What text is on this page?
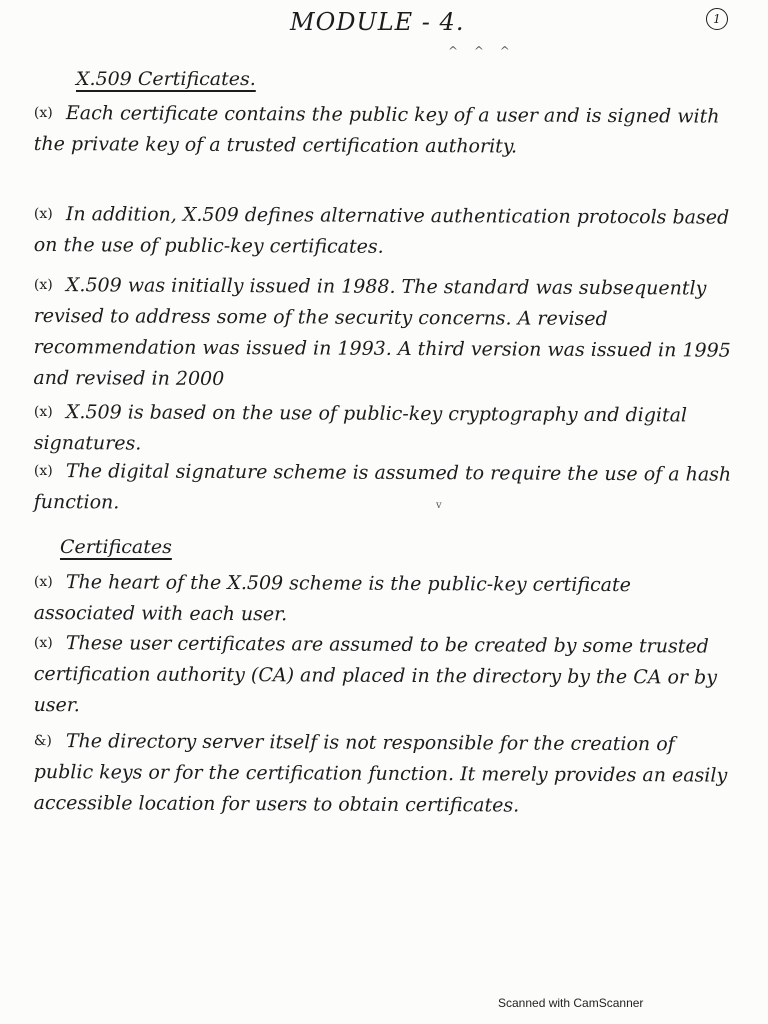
MODULE - 4.	1
^ ^ ^
X.509 Certificates.
(x) Each certificate contains the public key of a user and is signed with the private key of a trusted certification authority.
(x) In addition, X.509 defines alternative authentication protocols based on the use of public-key certificates.
(x) X.509 was initially issued in 1988. The standard was subsequently revised to address some of the security concerns. A revised recommendation was issued in 1993. A third version was issued in 1995 and revised in 2000
(x) X.509 is based on the use of public-key cryptography and digital signatures.
(x) The digital signature scheme is assumed to require the use of a hash function.	v
Certificates
(x) The heart of the X.509 scheme is the public-key certificate associated with each user.
(x) These user certificates are assumed to be created by some trusted certification authority (CA) and placed in the directory by the CA or by user.
&) The directory server itself is not responsible for the creation of public keys or for the certification function. It merely provides an easily accessible location for users to obtain certificates.
Scanned with CamScanner
